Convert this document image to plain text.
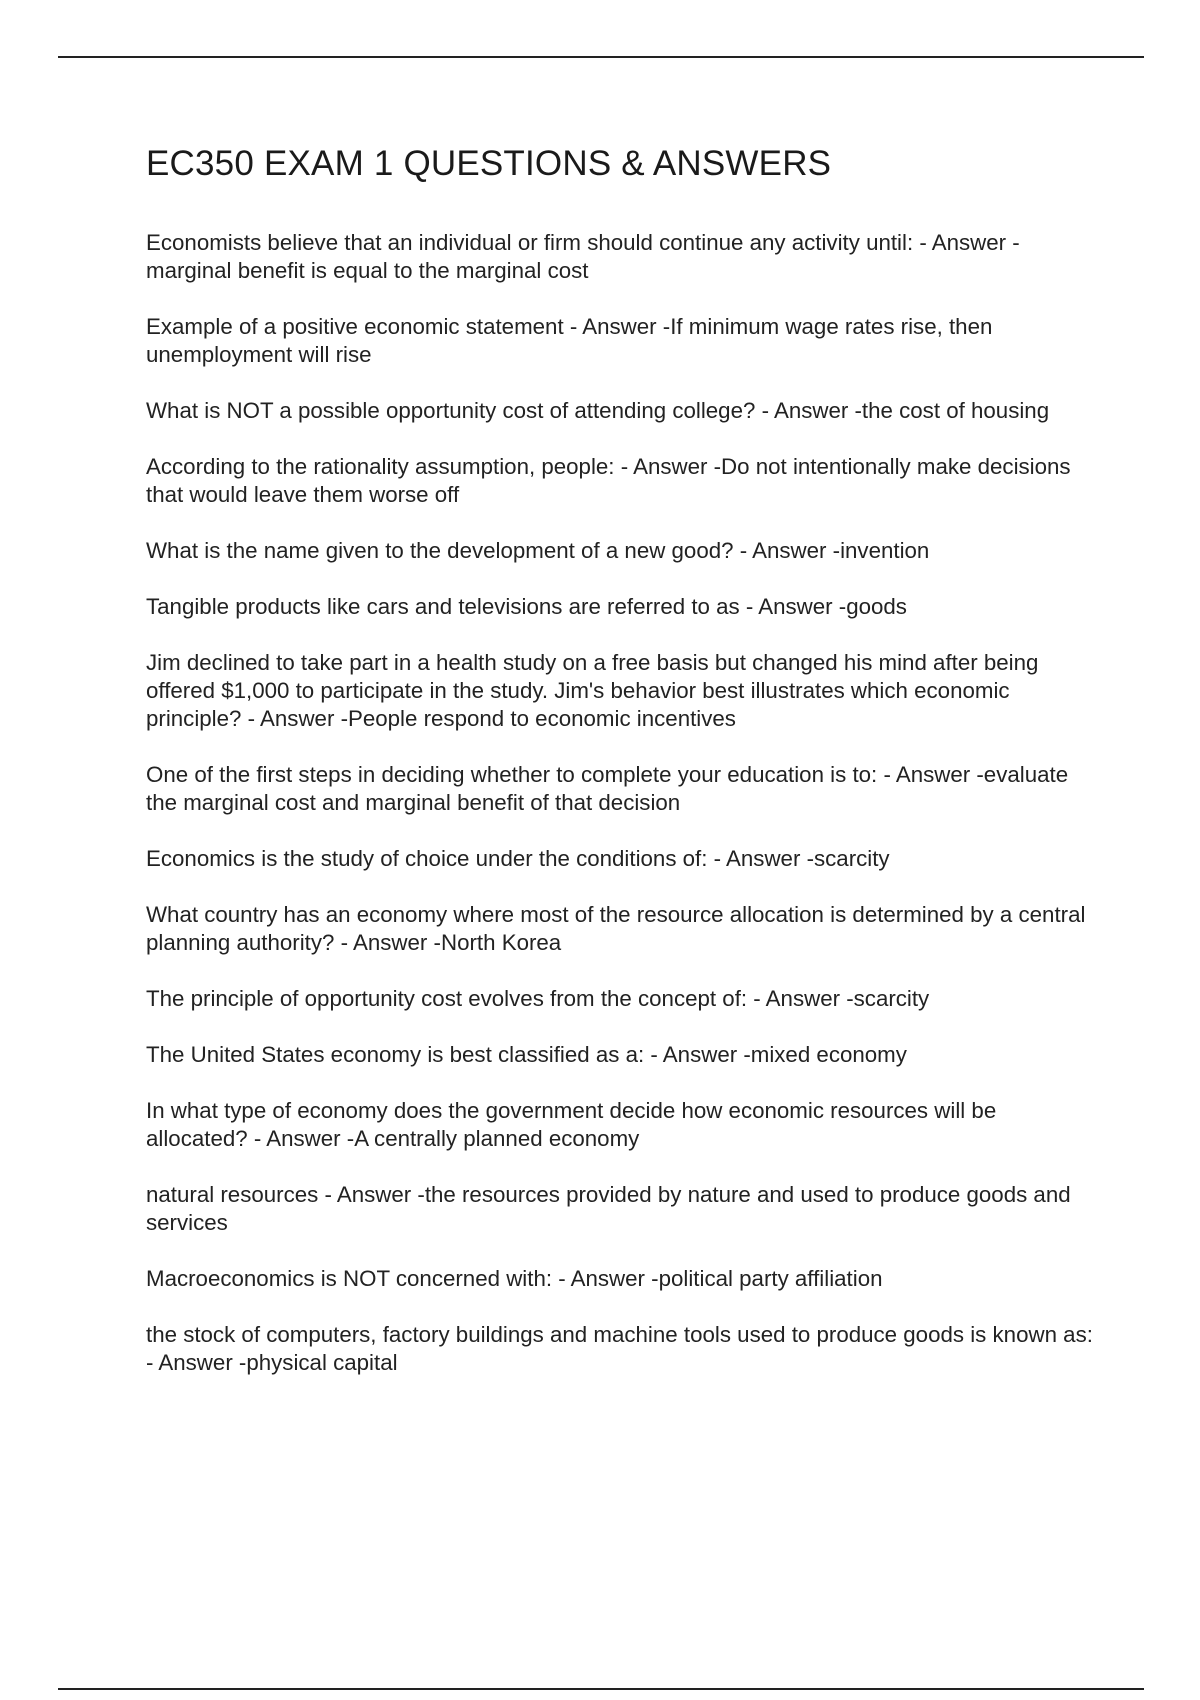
EC350 EXAM 1 QUESTIONS & ANSWERS

Economists believe that an individual or firm should continue any activity until: - Answer -marginal benefit is equal to the marginal cost

Example of a positive economic statement - Answer -If minimum wage rates rise, then unemployment will rise

What is NOT a possible opportunity cost of attending college? - Answer -the cost of housing

According to the rationality assumption, people: - Answer -Do not intentionally make decisions that would leave them worse off

What is the name given to the development of a new good? - Answer -invention

Tangible products like cars and televisions are referred to as - Answer -goods

Jim declined to take part in a health study on a free basis but changed his mind after being offered $1,000 to participate in the study. Jim's behavior best illustrates which economic principle? - Answer -People respond to economic incentives

One of the first steps in deciding whether to complete your education is to: - Answer -evaluate the marginal cost and marginal benefit of that decision

Economics is the study of choice under the conditions of: - Answer -scarcity

What country has an economy where most of the resource allocation is determined by a central planning authority? - Answer -North Korea

The principle of opportunity cost evolves from the concept of: - Answer -scarcity

The United States economy is best classified as a: - Answer -mixed economy

In what type of economy does the government decide how economic resources will be allocated? - Answer -A centrally planned economy

natural resources - Answer -the resources provided by nature and used to produce goods and services

Macroeconomics is NOT concerned with: - Answer -political party affiliation

the stock of computers, factory buildings and machine tools used to produce goods is known as: - Answer -physical capital
